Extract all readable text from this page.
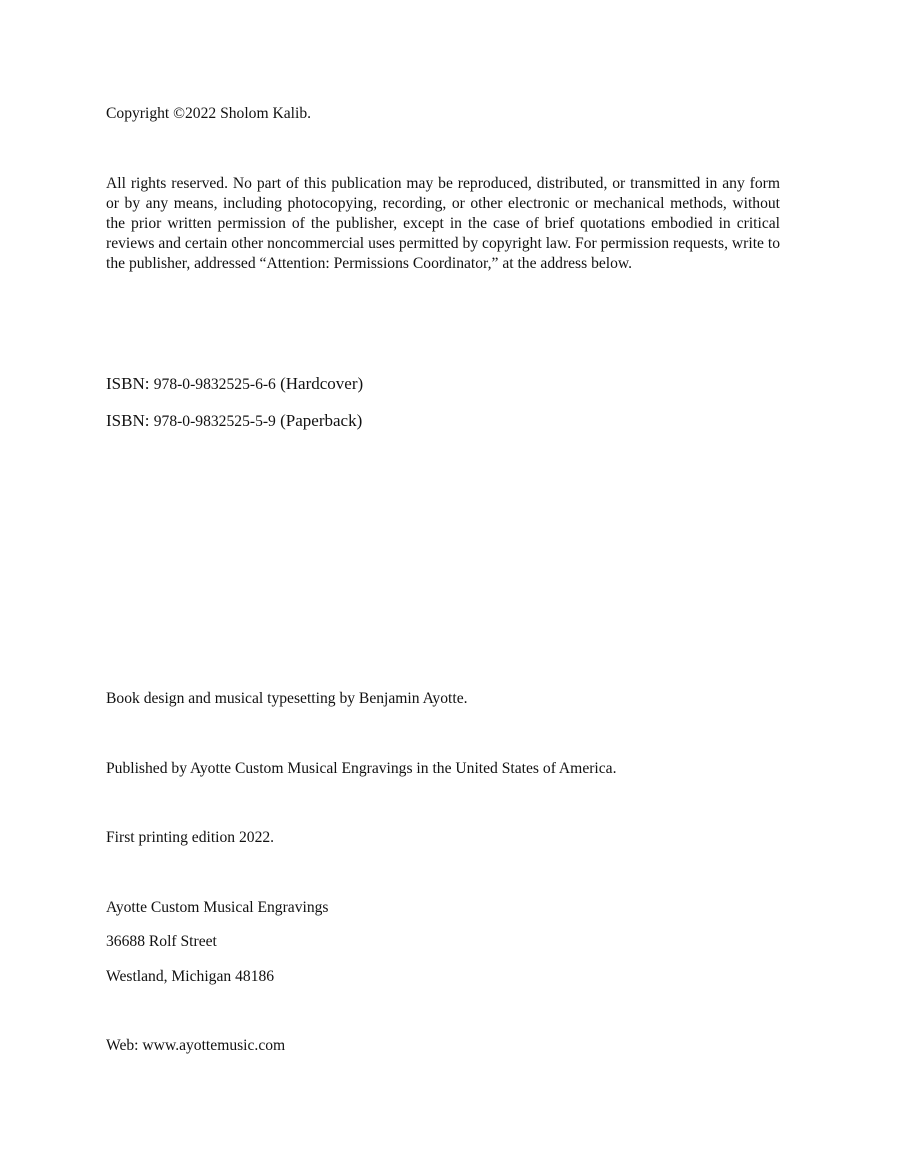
Copyright ©2022 Sholom Kalib.
All rights reserved. No part of this publication may be reproduced, distributed, or transmitted in any form or by any means, including photocopying, recording, or other electronic or mechanical methods, without the prior written permission of the publisher, except in the case of brief quotations embodied in critical reviews and certain other noncommercial uses permitted by copyright law. For permission requests, write to the publisher, addressed “Attention: Permissions Coordinator,” at the address below.
ISBN: 978-0-9832525-6-6 (Hardcover)
ISBN: 978-0-9832525-5-9 (Paperback)
Book design and musical typesetting by Benjamin Ayotte.
Published by Ayotte Custom Musical Engravings in the United States of America.
First printing edition 2022.
Ayotte Custom Musical Engravings
36688 Rolf Street
Westland, Michigan 48186
Web: www.ayottemusic.com
